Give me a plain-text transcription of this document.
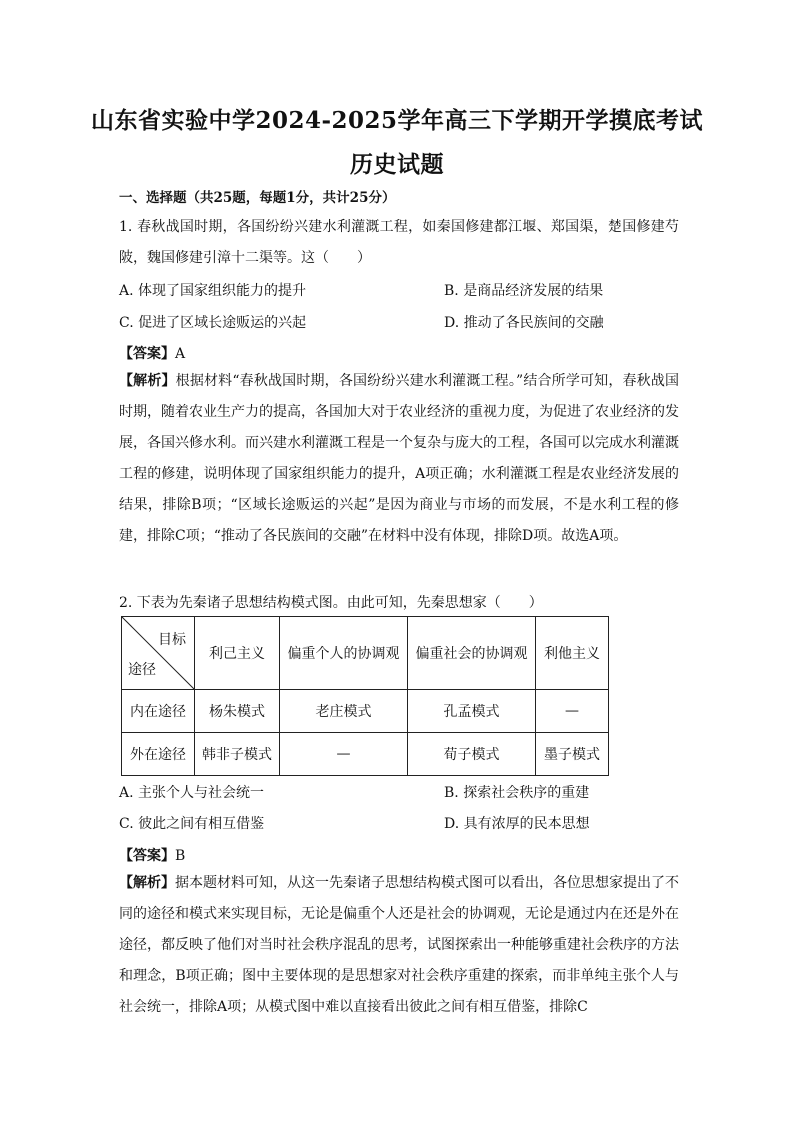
山东省实验中学2024-2025学年高三下学期开学摸底考试
历史试题
一、选择题（共25题，每题1分，共计25分）
1. 春秋战国时期，各国纷纷兴建水利灌溉工程，如秦国修建都江堰、郑国渠，楚国修建芍陂，魏国修建引漳十二渠等。这（　　）
A. 体现了国家组织能力的提升	B. 是商品经济发展的结果
C. 促进了区域长途贩运的兴起	D. 推动了各民族间的交融
【答案】A
【解析】根据材料“春秋战国时期，各国纷纷兴建水利灌溉工程。”结合所学可知，春秋战国时期，随着农业生产力的提高，各国加大对于农业经济的重视力度，为促进了农业经济的发展，各国兴修水利。而兴建水利灌溉工程是一个复杂与庞大的工程，各国可以完成水利灌溉工程的修建，说明体现了国家组织能力的提升，A项正确；水利灌溉工程是农业经济发展的结果，排除B项；“区域长途贩运的兴起”是因为商业与市场的而发展，不是水利工程的修建，排除C项；“推动了各民族间的交融”在材料中没有体现，排除D项。故选A项。
2. 下表为先秦诸子思想结构模式图。由此可知，先秦思想家（　　）
目标
途径	利己主义	偏重个人的协调观	偏重社会的协调观	利他主义
内在途径	杨朱模式	老庄模式	孔孟模式	—
外在途径	韩非子模式	—	荀子模式	墨子模式
A. 主张个人与社会统一	B. 探索社会秩序的重建
C. 彼此之间有相互借鉴	D. 具有浓厚的民本思想
【答案】B
【解析】据本题材料可知，从这一先秦诸子思想结构模式图可以看出，各位思想家提出了不同的途径和模式来实现目标，无论是偏重个人还是社会的协调观，无论是通过内在还是外在途径，都反映了他们对当时社会秩序混乱的思考，试图探索出一种能够重建社会秩序的方法和理念，B项正确；图中主要体现的是思想家对社会秩序重建的探索，而非单纯主张个人与社会统一，排除A项；从模式图中难以直接看出彼此之间有相互借鉴，排除C
